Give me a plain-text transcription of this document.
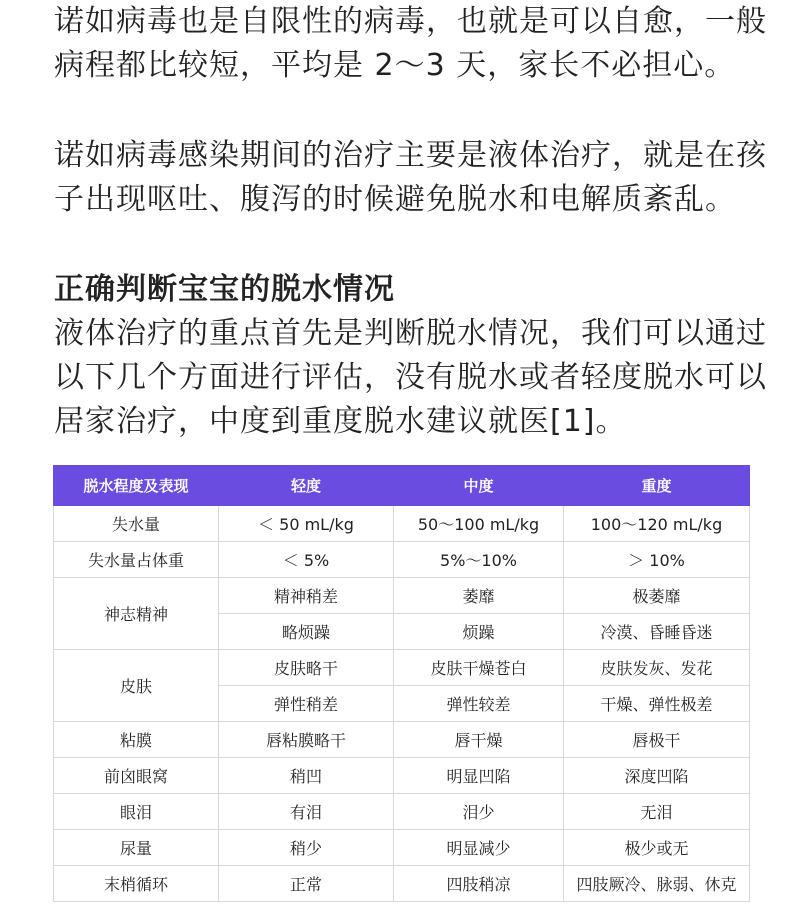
诺如病毒也是自限性的病毒，也就是可以自愈，一般病程都比较短，平均是 2～3 天，家长不必担心。

诺如病毒感染期间的治疗主要是液体治疗，就是在孩子出现呕吐、腹泻的时候避免脱水和电解质紊乱。

正确判断宝宝的脱水情况

液体治疗的重点首先是判断脱水情况，我们可以通过以下几个方面进行评估，没有脱水或者轻度脱水可以居家治疗，中度到重度脱水建议就医[1]。

脱水程度及表现	轻度	中度	重度
失水量	＜ 50 mL/kg	50～100 mL/kg	100～120 mL/kg
失水量占体重	＜ 5%	5%～10%	＞ 10%
神志精神	精神稍差	萎靡	极萎靡
	略烦躁	烦躁	冷漠、昏睡昏迷
皮肤	皮肤略干	皮肤干燥苍白	皮肤发灰、发花
	弹性稍差	弹性较差	干燥、弹性极差
粘膜	唇粘膜略干	唇干燥	唇极干
前囟眼窝	稍凹	明显凹陷	深度凹陷
眼泪	有泪	泪少	无泪
尿量	稍少	明显减少	极少或无
末梢循环	正常	四肢稍凉	四肢厥冷、脉弱、休克
